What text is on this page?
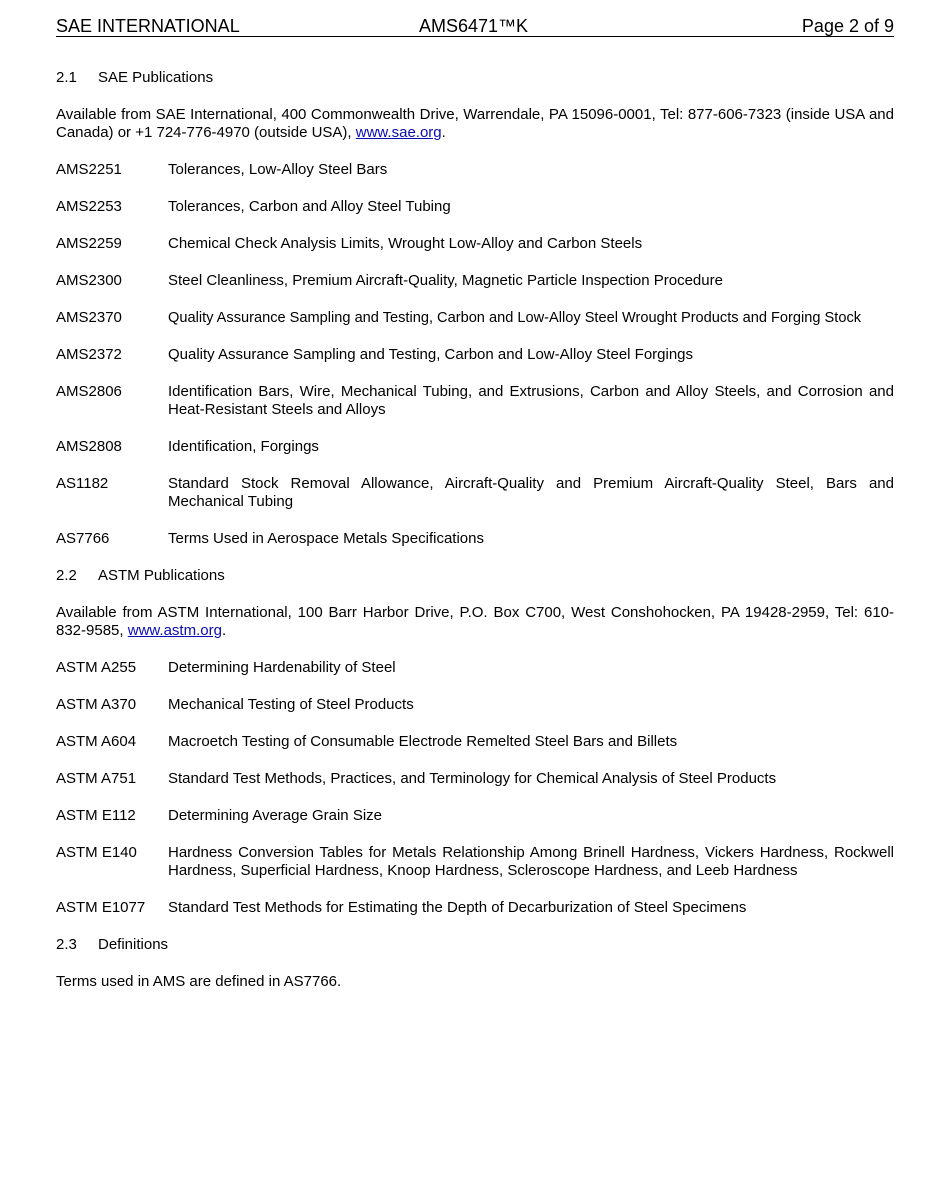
SAE INTERNATIONAL	AMS6471™K	Page 2 of 9
2.1	SAE Publications

Available from SAE International, 400 Commonwealth Drive, Warrendale, PA 15096-0001, Tel: 877-606-7323 (inside USA and Canada) or +1 724-776-4970 (outside USA), www.sae.org.

AMS2251	Tolerances, Low-Alloy Steel Bars
AMS2253	Tolerances, Carbon and Alloy Steel Tubing
AMS2259	Chemical Check Analysis Limits, Wrought Low-Alloy and Carbon Steels
AMS2300	Steel Cleanliness, Premium Aircraft-Quality, Magnetic Particle Inspection Procedure
AMS2370	Quality Assurance Sampling and Testing, Carbon and Low-Alloy Steel Wrought Products and Forging Stock
AMS2372	Quality Assurance Sampling and Testing, Carbon and Low-Alloy Steel Forgings
AMS2806	Identification Bars, Wire, Mechanical Tubing, and Extrusions, Carbon and Alloy Steels, and Corrosion and Heat-Resistant Steels and Alloys
AMS2808	Identification, Forgings
AS1182	Standard Stock Removal Allowance, Aircraft-Quality and Premium Aircraft-Quality Steel, Bars and Mechanical Tubing
AS7766	Terms Used in Aerospace Metals Specifications
2.2	ASTM Publications

Available from ASTM International, 100 Barr Harbor Drive, P.O. Box C700, West Conshohocken, PA 19428-2959, Tel: 610-832-9585, www.astm.org.

ASTM A255	Determining Hardenability of Steel
ASTM A370	Mechanical Testing of Steel Products
ASTM A604	Macroetch Testing of Consumable Electrode Remelted Steel Bars and Billets
ASTM A751	Standard Test Methods, Practices, and Terminology for Chemical Analysis of Steel Products
ASTM E112	Determining Average Grain Size
ASTM E140	Hardness Conversion Tables for Metals Relationship Among Brinell Hardness, Vickers Hardness, Rockwell Hardness, Superficial Hardness, Knoop Hardness, Scleroscope Hardness, and Leeb Hardness
ASTM E1077	Standard Test Methods for Estimating the Depth of Decarburization of Steel Specimens
2.3	Definitions

Terms used in AMS are defined in AS7766.
